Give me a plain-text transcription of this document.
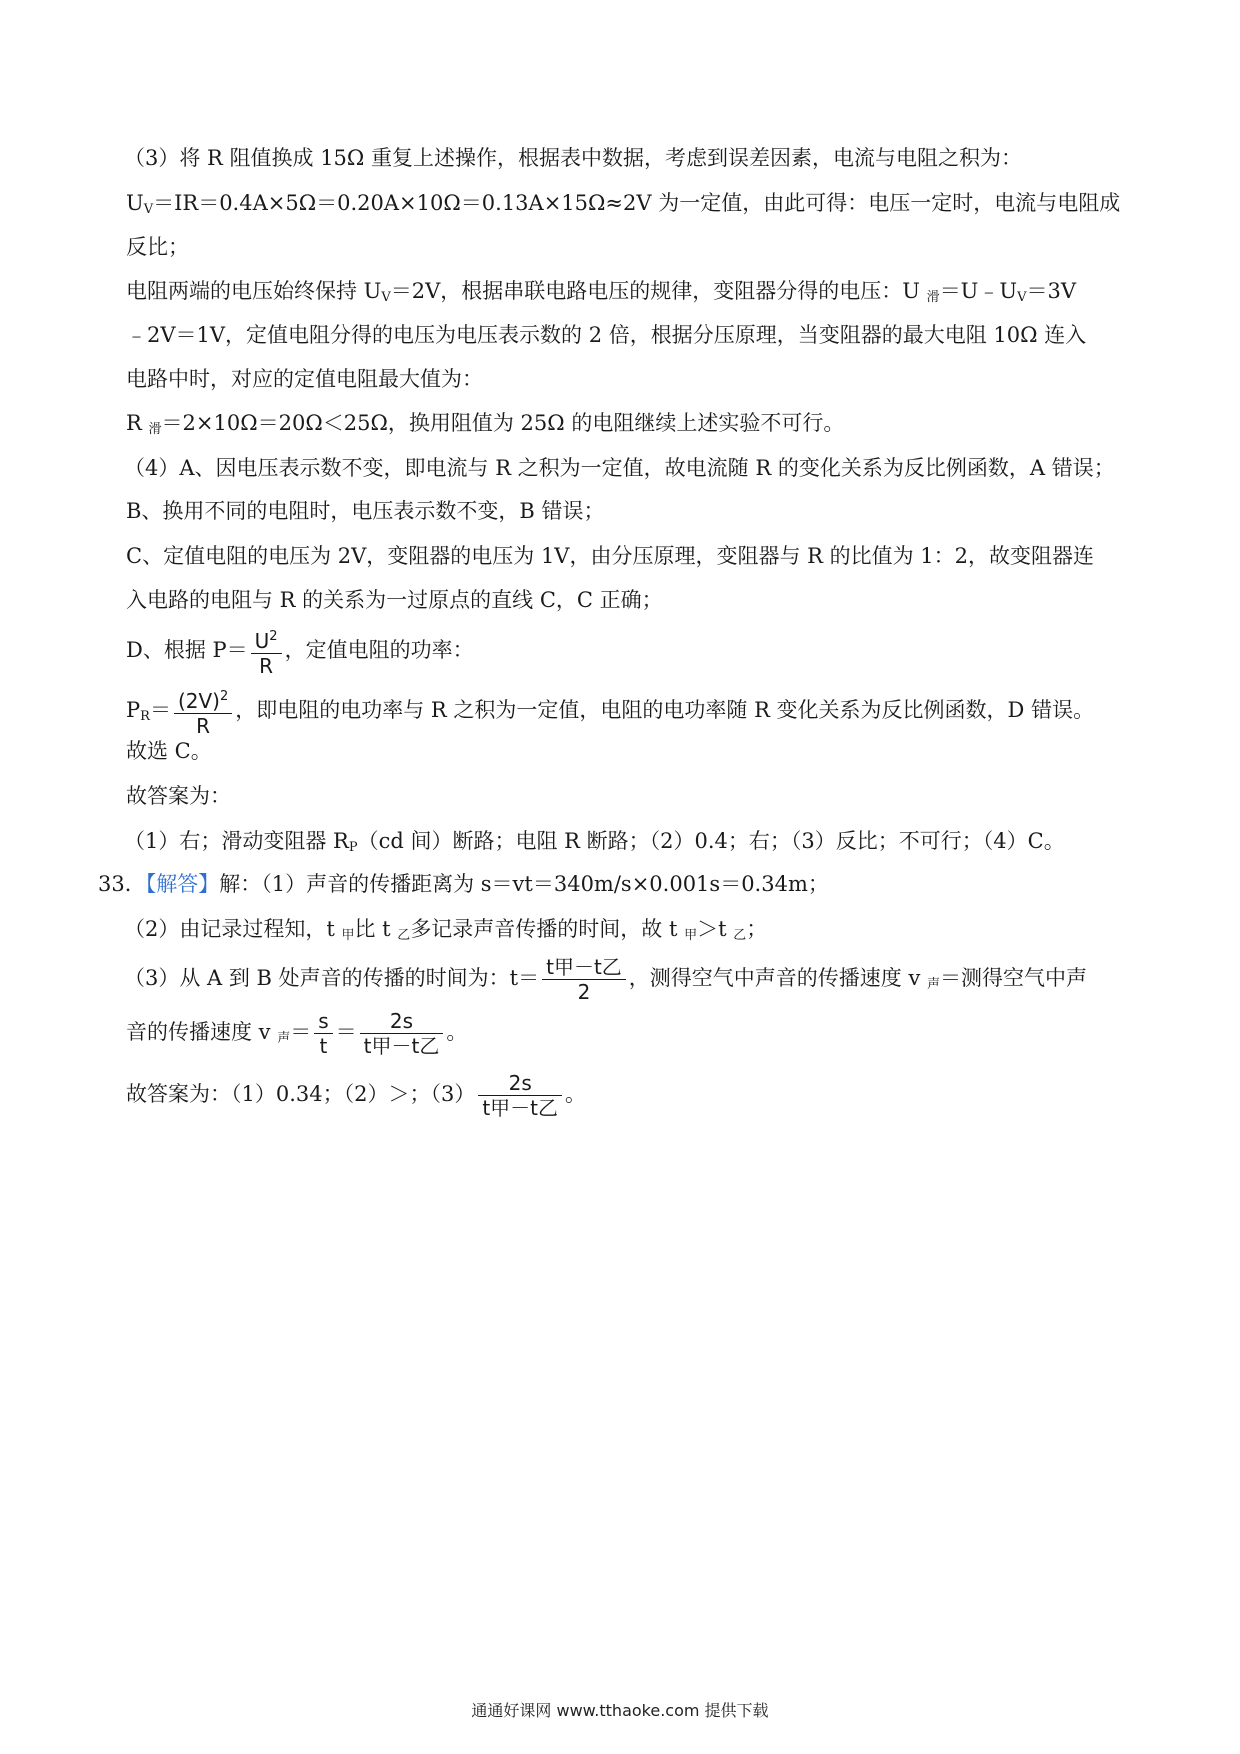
（3）将 R 阻值换成 15Ω 重复上述操作，根据表中数据，考虑到误差因素，电流与电阻之积为：
$U_V=IR=0.4A\times 5\Omega=0.20A\times 10\Omega=0.13A\times 15\Omega\approx 2V$ 为一定值，由此可得：电压一定时，电流与电阻成
反比；
电阻两端的电压始终保持 $U_V=2V$，根据串联电路电压的规律，变阻器分得的电压：U $_滑=U﹣U_V=3V$
﹣2V＝1V，定值电阻分得的电压为电压表示数的 2 倍，根据分压原理，当变阻器的最大电阻 10Ω 连入
电路中时，对应的定值电阻最大值为：
R $_滑$＝2×10Ω＝20Ω＜25Ω，换用阻值为 25Ω 的电阻继续上述实验不可行。
（4）A、因电压表示数不变，即电流与 R 之积为一定值，故电流随 R 的变化关系为反比例函数，A 错误；
B、换用不同的电阻时，电压表示数不变，B 错误；
C、定值电阻的电压为 2V，变阻器的电压为 1V，由分压原理，变阻器与 R 的比值为 1：2，故变阻器连
入电路的电阻与 R 的关系为一过原点的直线 C，C 正确；
D、根据 $P= \frac{U^2}{R}$ ，定值电阻的功率：
$P_R= \frac{(2V)^2}{R}$ ，即电阻的电功率与 R 之积为一定值，电阻的电功率随 R 变化关系为反比例函数，D 错误。
故选 C。
故答案为：
（1）右；滑动变阻器 $R_P(cd$ 间）断路；电阻 R 断路；（2）0.4；右；（3）反比；不可行；（4）C。
33．【解答】解：（1）声音的传播距离为 s＝vt＝340m/s×0.001s＝0.34m；
（2）由记录过程知，t $_甲$比 t $_乙$多记录声音传播的时间，故 t $_甲$＞t $_乙$；
（3）从 A 到 B 处声音的传播的时间为：$t= \frac{\text{t甲－t乙}}{2}$ ，测得空气中声音的传播速度 v $_声$＝测得空气中声
音的传播速度 v $_声= \frac{s}{t} = \frac{2s}{\text{t甲－t乙}}$ 。
故答案为：（1）0.34；（2）＞；$(3) \frac{2s}{\text{t甲－t乙}}$ 。
通通好课网 www.tthaoke.com 提供下载
